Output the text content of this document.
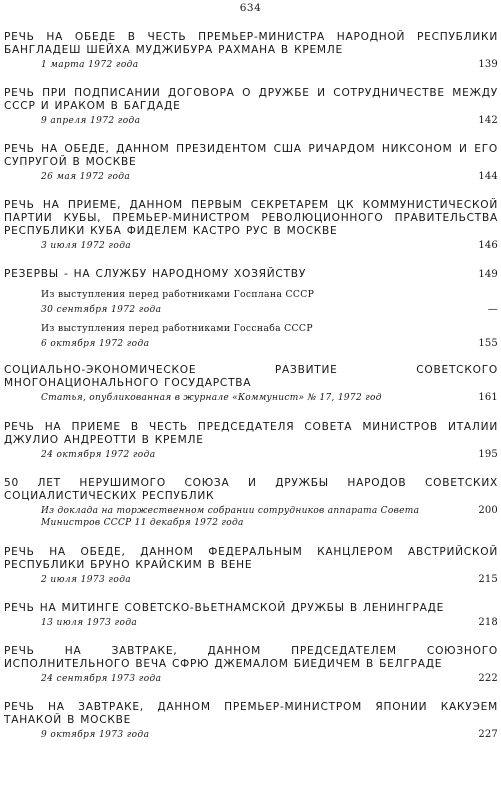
634
РЕЧЬ НА ОБЕДЕ В ЧЕСТЬ ПРЕМЬЕР-МИНИСТРА НАРОДНОЙ РЕСПУБЛИКИ БАНГЛАДЕШ ШЕЙХА МУДЖИБУРА РАХМАНА В КРЕМЛЕ
1 марта 1972 года	139
РЕЧЬ ПРИ ПОДПИСАНИИ ДОГОВОРА О ДРУЖБЕ И СОТРУДНИЧЕСТВЕ МЕЖДУ СССР И ИРАКОМ В БАГДАДЕ
9 апреля 1972 года	142
РЕЧЬ НА ОБЕДЕ, ДАННОМ ПРЕЗИДЕНТОМ США РИЧАРДОМ НИКСОНОМ И ЕГО СУПРУГОЙ В МОСКВЕ
26 мая 1972 года	144
РЕЧЬ НА ПРИЕМЕ, ДАННОМ ПЕРВЫМ СЕКРЕТАРЕМ ЦК КОММУНИСТИЧЕСКОЙ ПАРТИИ КУБЫ, ПРЕМЬЕР-МИНИСТРОМ РЕВОЛЮЦИОННОГО ПРАВИТЕЛЬСТВА РЕСПУБЛИКИ КУБА ФИДЕЛЕМ КАСТРО РУС В МОСКВЕ
3 июля 1972 года	146
РЕЗЕРВЫ - НА СЛУЖБУ НАРОДНОМУ ХОЗЯЙСТВУ	149
Из выступления перед работниками Госплана СССР
30 сентября 1972 года	—
Из выступления перед работниками Госснаба СССР
6 октября 1972 года	155
СОЦИАЛЬНО-ЭКОНОМИЧЕСКОЕ РАЗВИТИЕ СОВЕТСКОГО МНОГОНАЦИОНАЛЬНОГО ГОСУДАРСТВА
Статья, опубликованная в журнале «Коммунист» № 17, 1972 год	161
РЕЧЬ НА ПРИЕМЕ В ЧЕСТЬ ПРЕДСЕДАТЕЛЯ СОВЕТА МИНИСТРОВ ИТАЛИИ ДЖУЛИО АНДРЕОТТИ В КРЕМЛЕ
24 октября 1972 года	195
50 ЛЕТ НЕРУШИМОГО СОЮЗА И ДРУЖБЫ НАРОДОВ СОВЕТСКИХ СОЦИАЛИСТИЧЕСКИХ РЕСПУБЛИК
Из доклада на торжественном собрании сотрудников аппарата Совета Министров СССР 11 декабря 1972 года
200
РЕЧЬ НА ОБЕДЕ, ДАННОМ ФЕДЕРАЛЬНЫМ КАНЦЛЕРОМ АВСТРИЙСКОЙ РЕСПУБЛИКИ БРУНО КРАЙСКИМ В ВЕНЕ
2 июля 1973 года	215
РЕЧЬ НА МИТИНГЕ СОВЕТСКО-ВЬЕТНАМСКОЙ ДРУЖБЫ В ЛЕНИНГРАДЕ
13 июля 1973 года	218
РЕЧЬ НА ЗАВТРАКЕ, ДАННОМ ПРЕДСЕДАТЕЛЕМ СОЮЗНОГО ИСПОЛНИТЕЛЬНОГО ВЕЧА СФРЮ ДЖЕМАЛОМ БИЕДИЧЕМ В БЕЛГРАДЕ
24 сентября 1973 года	222
РЕЧЬ НА ЗАВТРАКЕ, ДАННОМ ПРЕМЬЕР-МИНИСТРОМ ЯПОНИИ КАКУЭЕМ ТАНАКОЙ В МОСКВЕ
9 октября 1973 года	227
